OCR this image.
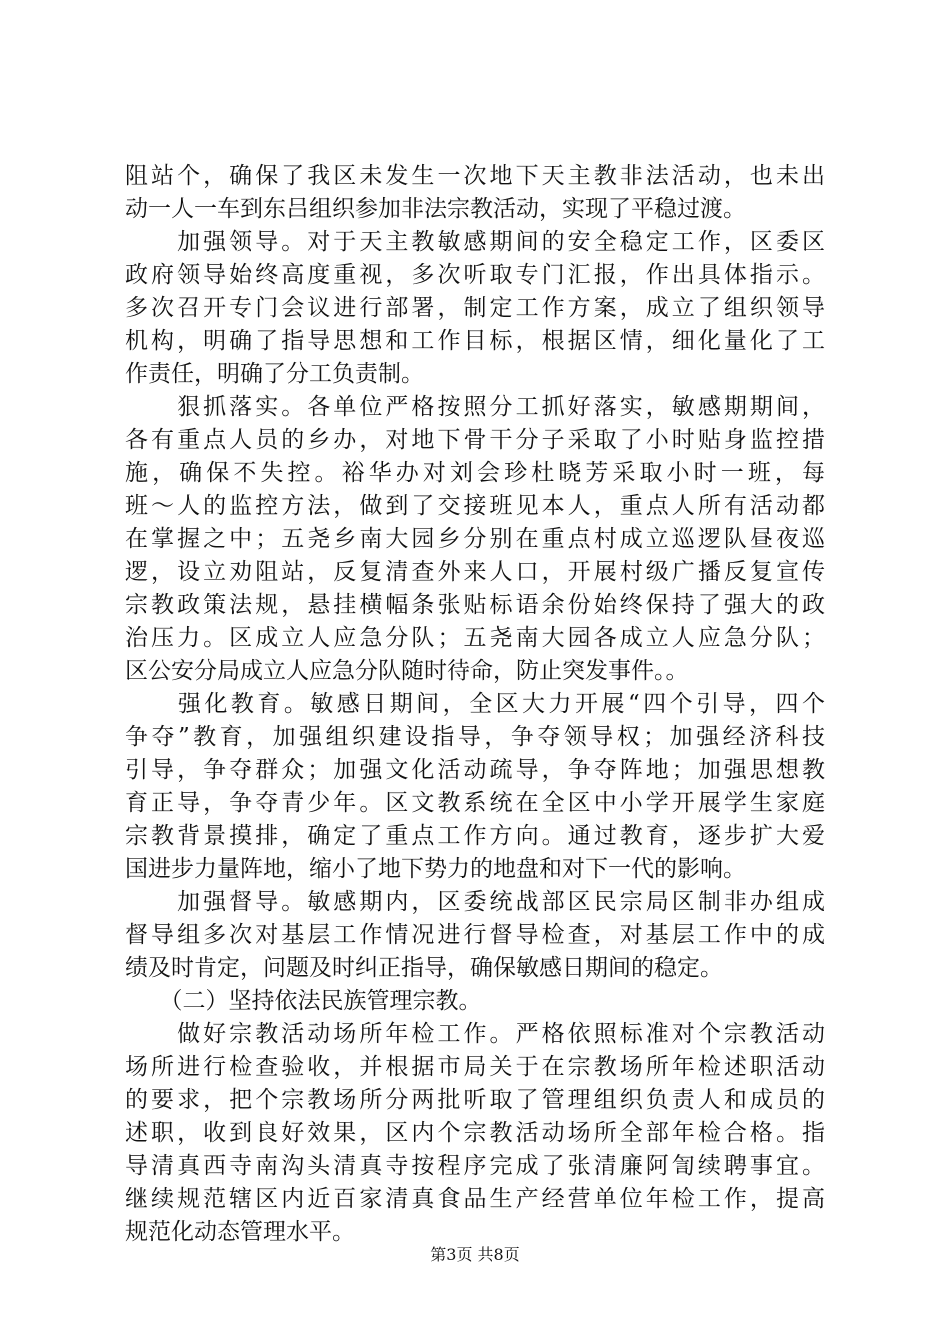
阻站个，确保了我区未发生一次地下天主教非法活动，也未出
动一人一车到东吕组织参加非法宗教活动，实现了平稳过渡。
　　加强领导。对于天主教敏感期间的安全稳定工作，区委区
政府领导始终高度重视，多次听取专门汇报，作出具体指示。
多次召开专门会议进行部署，制定工作方案，成立了组织领导
机构，明确了指导思想和工作目标，根据区情，细化量化了工
作责任，明确了分工负责制。
　　狠抓落实。各单位严格按照分工抓好落实，敏感期期间，
各有重点人员的乡办，对地下骨干分子采取了小时贴身监控措
施，确保不失控。裕华办对刘会珍杜晓芳采取小时一班，每
班～人的监控方法，做到了交接班见本人，重点人所有活动都
在掌握之中；五尧乡南大园乡分别在重点村成立巡逻队昼夜巡
逻，设立劝阻站，反复清查外来人口，开展村级广播反复宣传
宗教政策法规，悬挂横幅条张贴标语余份始终保持了强大的政
治压力。区成立人应急分队；五尧南大园各成立人应急分队；
区公安分局成立人应急分队随时待命，防止突发事件。。
　　强化教育。敏感日期间，全区大力开展“四个引导，四个
争夺”教育，加强组织建设指导，争夺领导权；加强经济科技
引导，争夺群众；加强文化活动疏导，争夺阵地；加强思想教
育正导，争夺青少年。区文教系统在全区中小学开展学生家庭
宗教背景摸排，确定了重点工作方向。通过教育，逐步扩大爱
国进步力量阵地，缩小了地下势力的地盘和对下一代的影响。
　　加强督导。敏感期内，区委统战部区民宗局区制非办组成
督导组多次对基层工作情况进行督导检查，对基层工作中的成
绩及时肯定，问题及时纠正指导，确保敏感日期间的稳定。
　　（二）坚持依法民族管理宗教。
　　做好宗教活动场所年检工作。严格依照标准对个宗教活动
场所进行检查验收，并根据市局关于在宗教场所年检述职活动
的要求，把个宗教场所分两批听取了管理组织负责人和成员的
述职，收到良好效果，区内个宗教活动场所全部年检合格。指
导清真西寺南沟头清真寺按程序完成了张清廉阿訇续聘事宜。
继续规范辖区内近百家清真食品生产经营单位年检工作，提高
规范化动态管理水平。
第3页 共8页
